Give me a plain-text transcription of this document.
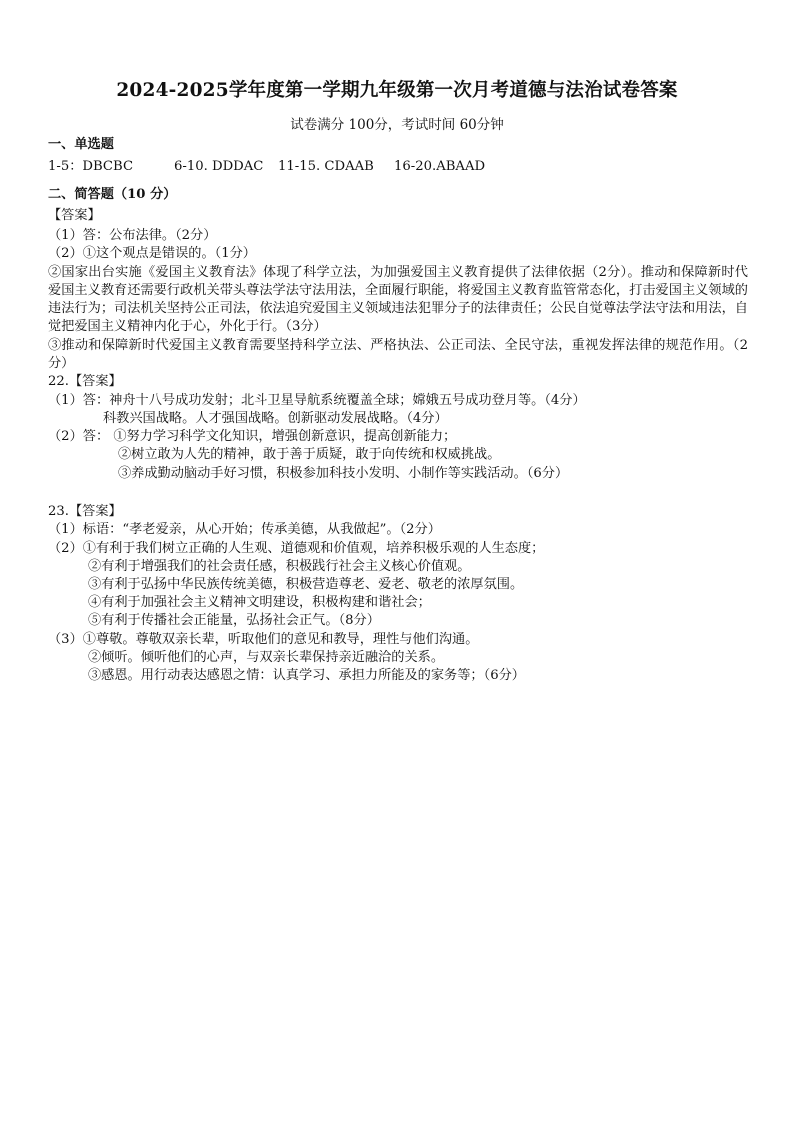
2024-2025学年度第一学期九年级第一次月考道德与法治试卷答案
试卷满分 100分，考试时间 60分钟
一、单选题
1-5：DBCBC	6-10. DDDAC 11-15. CDAAB 16-20.ABAAD
二、简答题（10 分）
【答案】
（1）答：公布法律。（2分）
（2）①这个观点是错误的。（1分）
②国家出台实施《爱国主义教育法》体现了科学立法，为加强爱国主义教育提供了法律依据（2分）。推动和保障新时代爱国主义教育还需要行政机关带头尊法学法守法用法，全面履行职能，将爱国主义教育监管常态化，打击爱国主义领域的违法行为；司法机关坚持公正司法，依法追究爱国主义领域违法犯罪分子的法律责任；公民自觉尊法学法守法和用法，自觉把爱国主义精神内化于心，外化于行。（3分）
③推动和保障新时代爱国主义教育需要坚持科学立法、严格执法、公正司法、全民守法，重视发挥法律的规范作用。（2分）
22.【答案】
（1）答：神舟十八号成功发射；北斗卫星导航系统覆盖全球；嫦娥五号成功登月等。（4分）
科教兴国战略。人才强国战略。创新驱动发展战略。（4分）
（2）答： ①努力学习科学文化知识，增强创新意识，提高创新能力；
②树立敢为人先的精神，敢于善于质疑，敢于向传统和权威挑战。
③养成勤动脑动手好习惯，积极参加科技小发明、小制作等实践活动。（6分）
23.【答案】
（1）标语：“孝老爱亲，从心开始；传承美德，从我做起”。（2分）
（2）①有利于我们树立正确的人生观、道德观和价值观，培养积极乐观的人生态度；
②有利于增强我们的社会责任感，积极践行社会主义核心价值观。
③有利于弘扬中华民族传统美德，积极营造尊老、爱老、敬老的浓厚氛围。
④有利于加强社会主义精神文明建设，积极构建和谐社会；
⑤有利于传播社会正能量，弘扬社会正气。（8分）
（3）①尊敬。尊敬双亲长辈，听取他们的意见和教导，理性与他们沟通。
②倾听。倾听他们的心声，与双亲长辈保持亲近融洽的关系。
③感恩。用行动表达感恩之情：认真学习、承担力所能及的家务等；（6分）
